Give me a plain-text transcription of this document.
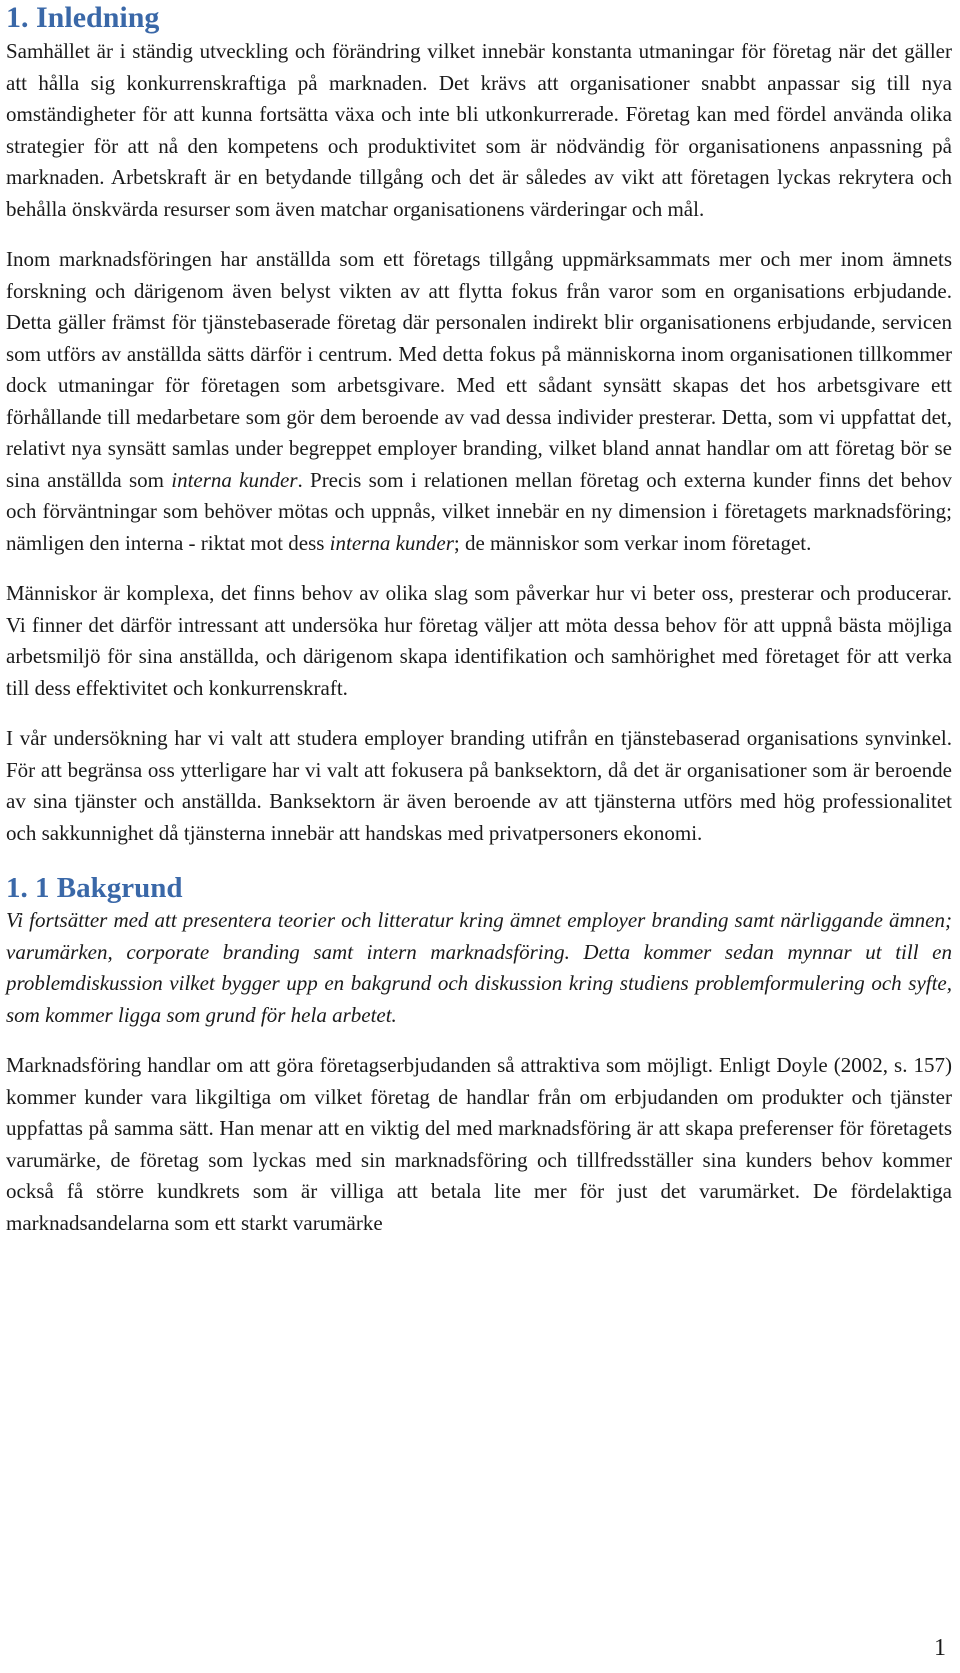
1. Inledning

Samhället är i ständig utveckling och förändring vilket innebär konstanta utmaningar för företag när det gäller att hålla sig konkurrenskraftiga på marknaden. Det krävs att organisationer snabbt anpassar sig till nya omständigheter för att kunna fortsätta växa och inte bli utkonkurrerade. Företag kan med fördel använda olika strategier för att nå den kompetens och produktivitet som är nödvändig för organisationens anpassning på marknaden. Arbetskraft är en betydande tillgång och det är således av vikt att företagen lyckas rekrytera och behålla önskvärda resurser som även matchar organisationens värderingar och mål.

Inom marknadsföringen har anställda som ett företags tillgång uppmärksammats mer och mer inom ämnets forskning och därigenom även belyst vikten av att flytta fokus från varor som en organisations erbjudande. Detta gäller främst för tjänstebaserade företag där personalen indirekt blir organisationens erbjudande, servicen som utförs av anställda sätts därför i centrum. Med detta fokus på människorna inom organisationen tillkommer dock utmaningar för företagen som arbetsgivare. Med ett sådant synsätt skapas det hos arbetsgivare ett förhållande till medarbetare som gör dem beroende av vad dessa individer presterar. Detta, som vi uppfattat det, relativt nya synsätt samlas under begreppet employer branding, vilket bland annat handlar om att företag bör se sina anställda som interna kunder. Precis som i relationen mellan företag och externa kunder finns det behov och förväntningar som behöver mötas och uppnås, vilket innebär en ny dimension i företagets marknadsföring; nämligen den interna - riktat mot dess interna kunder; de människor som verkar inom företaget.

Människor är komplexa, det finns behov av olika slag som påverkar hur vi beter oss, presterar och producerar. Vi finner det därför intressant att undersöka hur företag väljer att möta dessa behov för att uppnå bästa möjliga arbetsmiljö för sina anställda, och därigenom skapa identifikation och samhörighet med företaget för att verka till dess effektivitet och konkurrenskraft.

I vår undersökning har vi valt att studera employer branding utifrån en tjänstebaserad organisations synvinkel. För att begränsa oss ytterligare har vi valt att fokusera på banksektorn, då det är organisationer som är beroende av sina tjänster och anställda. Banksektorn är även beroende av att tjänsterna utförs med hög professionalitet och sakkunnighet då tjänsterna innebär att handskas med privatpersoners ekonomi.

1. 1 Bakgrund

Vi fortsätter med att presentera teorier och litteratur kring ämnet employer branding samt närliggande ämnen; varumärken, corporate branding samt intern marknadsföring. Detta kommer sedan mynnar ut till en problemdiskussion vilket bygger upp en bakgrund och diskussion kring studiens problemformulering och syfte, som kommer ligga som grund för hela arbetet.

Marknadsföring handlar om att göra företagserbjudanden så attraktiva som möjligt. Enligt Doyle (2002, s. 157) kommer kunder vara likgiltiga om vilket företag de handlar från om erbjudanden om produkter och tjänster uppfattas på samma sätt. Han menar att en viktig del med marknadsföring är att skapa preferenser för företagets varumärke, de företag som lyckas med sin marknadsföring och tillfredsställer sina kunders behov kommer också få större kundkrets som är villiga att betala lite mer för just det varumärket. De fördelaktiga marknadsandelarna som ett starkt varumärke

1
